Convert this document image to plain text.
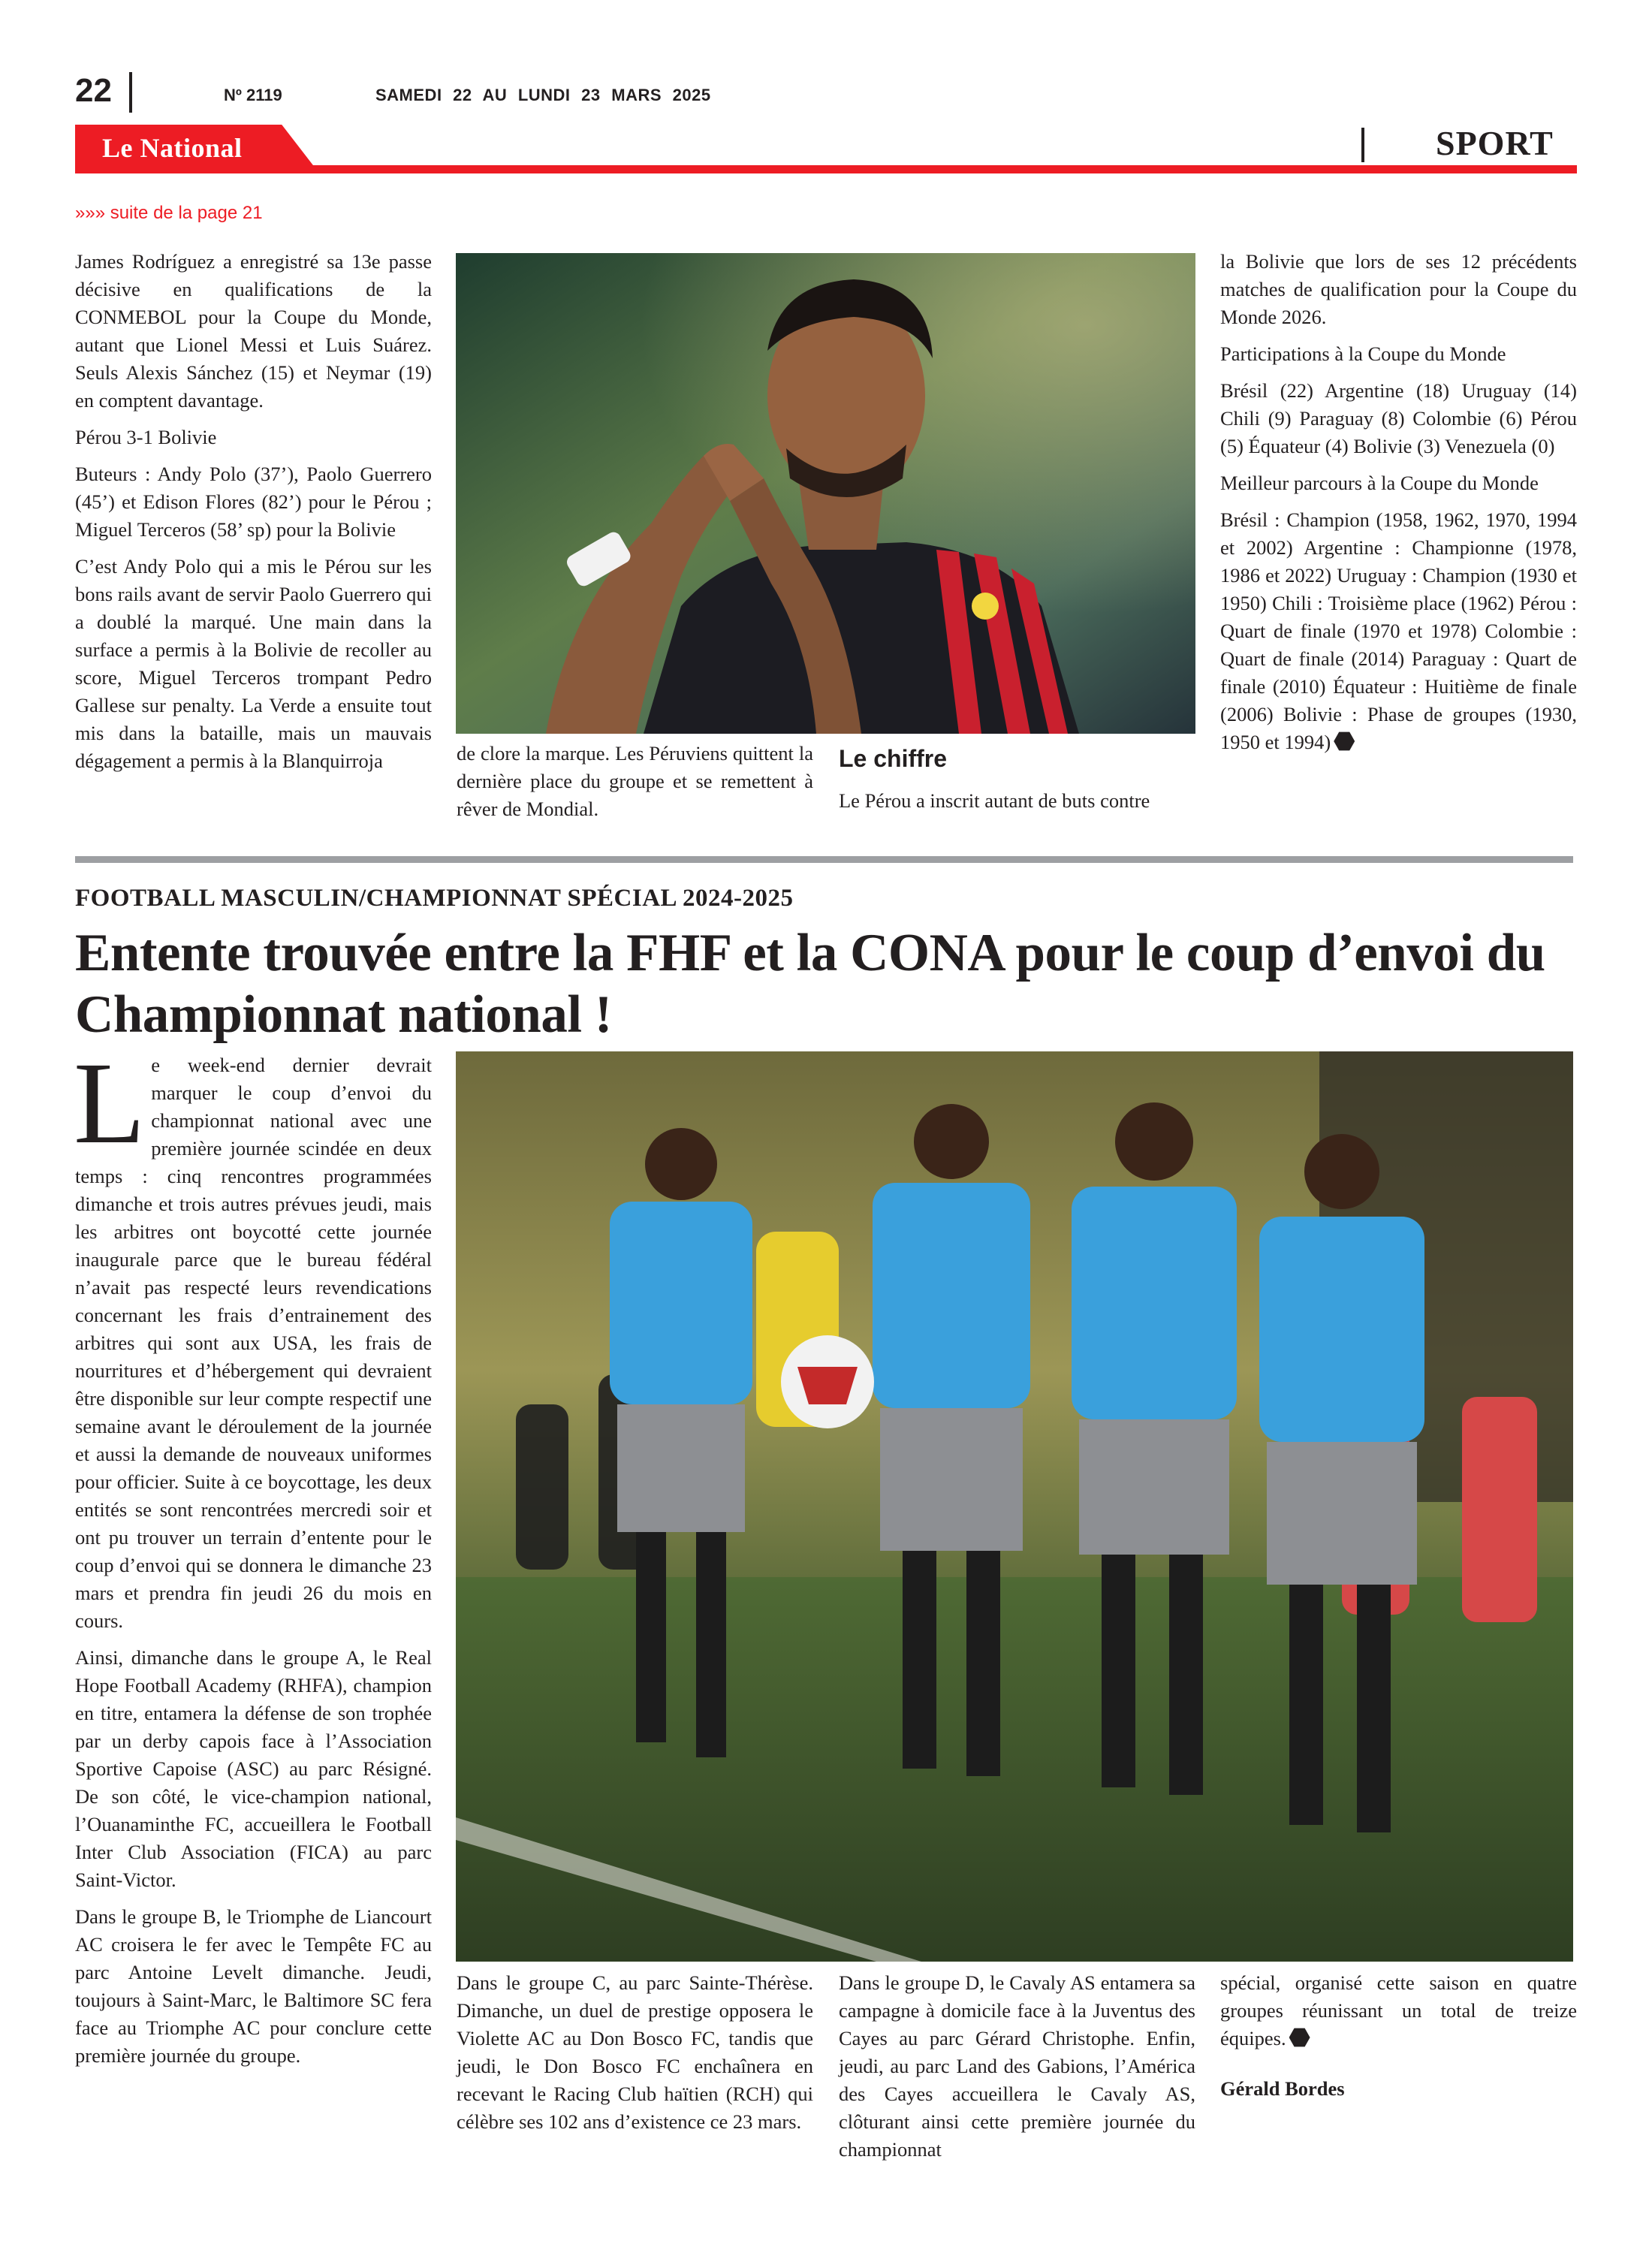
22	Nº 2119	SAMEDI 22 AU LUNDI 23 MARS 2025
Le National	SPORT
»»» suite de la page 21

James Rodríguez a enregistré sa 13e passe décisive en qualifications de la CONMEBOL pour la Coupe du Monde, autant que Lionel Messi et Luis Suárez. Seuls Alexis Sánchez (15) et Neymar (19) en comptent davantage.

Pérou 3-1 Bolivie

Buteurs : Andy Polo (37’), Paolo Guerrero (45’) et Edison Flores (82’) pour le Pérou ; Miguel Terceros (58’ sp) pour la Bolivie

C’est Andy Polo qui a mis le Pérou sur les bons rails avant de servir Paolo Guerrero qui a doublé la marqué. Une main dans la surface a permis à la Bolivie de recoller au score, Miguel Terceros trompant Pedro Gallese sur penalty. La Verde a ensuite tout mis dans la bataille, mais un mauvais dégagement a permis à la Blanquirroja	de clore la marque. Les Péruviens quittent la dernière place du groupe et se remettent à rêver de Mondial.

Le chiffre

Le Pérou a inscrit autant de buts contre

la Bolivie que lors de ses 12 précédents matches de qualification pour la Coupe du Monde 2026.

Participations à la Coupe du Monde

Brésil (22) Argentine (18) Uruguay (14) Chili (9) Paraguay (8) Colombie (6) Pérou (5) Équateur (4) Bolivie (3) Venezuela (0)

Meilleur parcours à la Coupe du Monde

Brésil : Champion (1958, 1962, 1970, 1994 et 2002) Argentine : Championne (1978, 1986 et 2022) Uruguay : Champion (1930 et 1950) Chili : Troisième place (1962) Pérou : Quart de finale (1970 et 1978) Colombie : Quart de finale (2014) Paraguay : Quart de finale (2010) Équateur : Huitième de finale (2006) Bolivie : Phase de groupes (1930, 1950 et 1994)

FOOTBALL MASCULIN/CHAMPIONNAT SPÉCIAL 2024-2025
Entente trouvée entre la FHF et la CONA pour le coup d’envoi du Championnat national !

Le week-end dernier devrait marquer le coup d’envoi du championnat national avec une première journée scindée en deux temps : cinq rencontres programmées dimanche et trois autres prévues jeudi, mais les arbitres ont boycotté cette journée inaugurale parce que le bureau fédéral n’avait pas respecté leurs revendications concernant les frais d’entrainement des arbitres qui sont aux USA, les frais de nourritures et d’hébergement qui devraient être disponible sur leur compte respectif une semaine avant le déroulement de la journée et aussi la demande de nouveaux uniformes pour officier. Suite à ce boycottage, les deux entités se sont rencontrées mercredi soir et ont pu trouver un terrain d’entente pour le coup d’envoi qui se donnera le dimanche 23 mars et prendra fin jeudi 26 du mois en cours.

Ainsi, dimanche dans le groupe A, le Real Hope Football Academy (RHFA), champion en titre, entamera la défense de son trophée par un derby capois face à l’Association Sportive Capoise (ASC) au parc Résigné. De son côté, le vice-champion national, l’Ouanaminthe FC, accueillera le Football Inter Club Association (FICA) au parc Saint-Victor.

Dans le groupe B, le Triomphe de Liancourt AC croisera le fer avec le Tempête FC au parc Antoine Levelt dimanche. Jeudi, toujours à Saint-Marc, le Baltimore SC fera face au Triomphe AC pour conclure cette première journée du groupe.

Dans le groupe C, au parc Sainte-Thérèse. Dimanche, un duel de prestige opposera le Violette AC au Don Bosco FC, tandis que jeudi, le Don Bosco FC enchaînera en recevant le Racing Club haïtien (RCH) qui célèbre ses 102 ans d’existence ce 23 mars.

Dans le groupe D, le Cavaly AS entamera sa campagne à domicile face à la Juventus des Cayes au parc Gérard Christophe. Enfin, jeudi, au parc Land des Gabions, l’América des Cayes accueillera le Cavaly AS, clôturant ainsi cette première journée du championnat

spécial, organisé cette saison en quatre groupes réunissant un total de treize équipes.

Gérald Bordes
